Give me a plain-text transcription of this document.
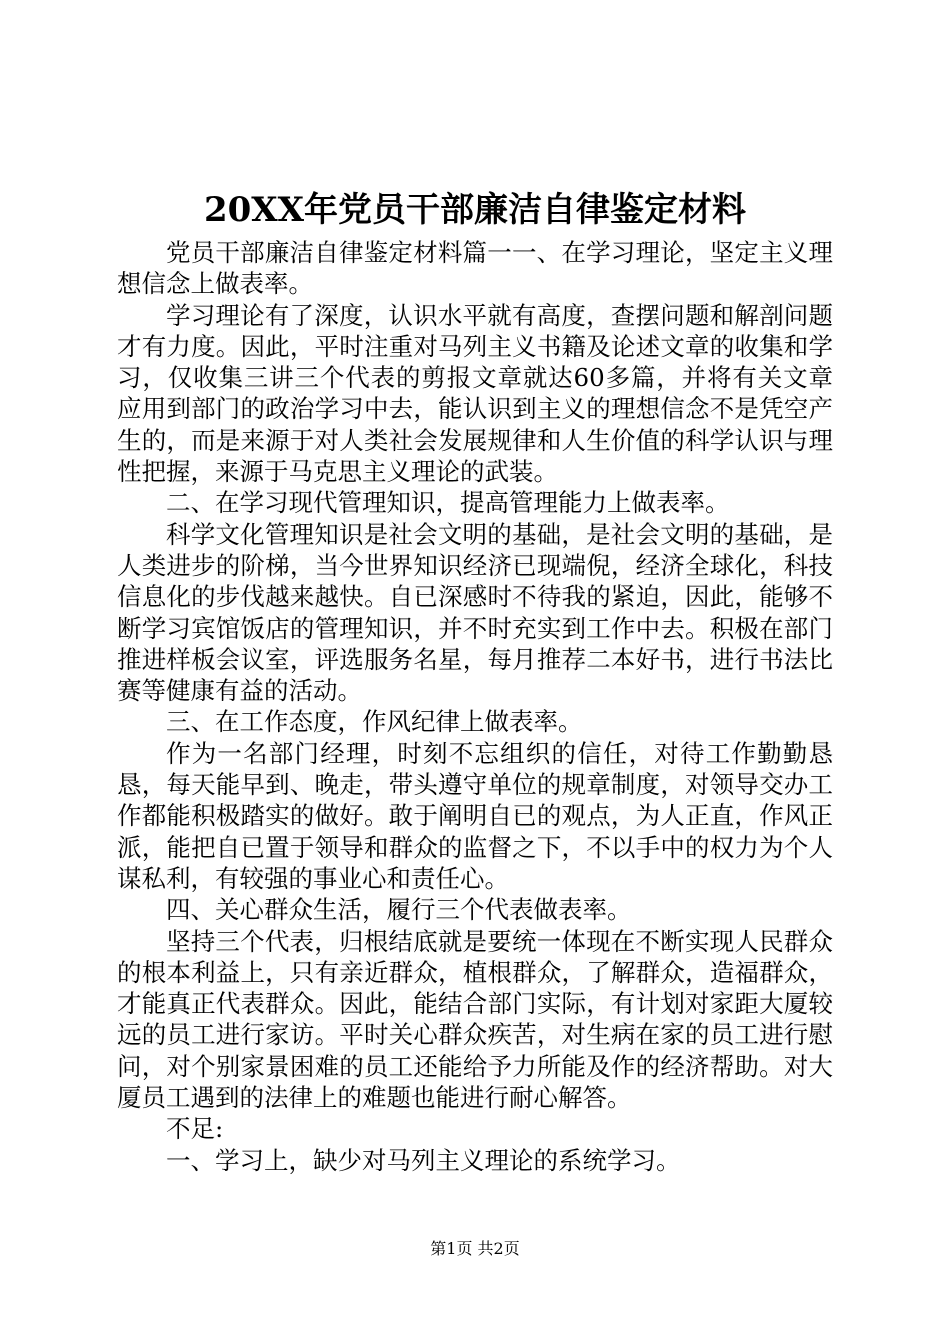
20XX年党员干部廉洁自律鉴定材料

党员干部廉洁自律鉴定材料篇一一、在学习理论，坚定主义理想信念上做表率。

学习理论有了深度，认识水平就有高度，查摆问题和解剖问题才有力度。因此，平时注重对马列主义书籍及论述文章的收集和学习，仅收集三讲三个代表的剪报文章就达60多篇，并将有关文章应用到部门的政治学习中去，能认识到主义的理想信念不是凭空产生的，而是来源于对人类社会发展规律和人生价值的科学认识与理性把握，来源于马克思主义理论的武装。

二、在学习现代管理知识，提高管理能力上做表率。

科学文化管理知识是社会文明的基础，是社会文明的基础，是人类进步的阶梯，当今世界知识经济已现端倪，经济全球化，科技信息化的步伐越来越快。自已深感时不待我的紧迫，因此，能够不断学习宾馆饭店的管理知识，并不时充实到工作中去。积极在部门推进样板会议室，评选服务名星，每月推荐二本好书，进行书法比赛等健康有益的活动。

三、在工作态度，作风纪律上做表率。

作为一名部门经理，时刻不忘组织的信任，对待工作勤勤恳恳，每天能早到、晚走，带头遵守单位的规章制度，对领导交办工作都能积极踏实的做好。敢于阐明自已的观点，为人正直，作风正派，能把自已置于领导和群众的监督之下，不以手中的权力为个人谋私利，有较强的事业心和责任心。

四、关心群众生活，履行三个代表做表率。

坚持三个代表，归根结底就是要统一体现在不断实现人民群众的根本利益上，只有亲近群众，植根群众，了解群众，造福群众，才能真正代表群众。因此，能结合部门实际，有计划对家距大厦较远的员工进行家访。平时关心群众疾苦，对生病在家的员工进行慰问，对个别家景困难的员工还能给予力所能及作的经济帮助。对大厦员工遇到的法律上的难题也能进行耐心解答。

不足:

一、学习上，缺少对马列主义理论的系统学习。

第1页 共2页
